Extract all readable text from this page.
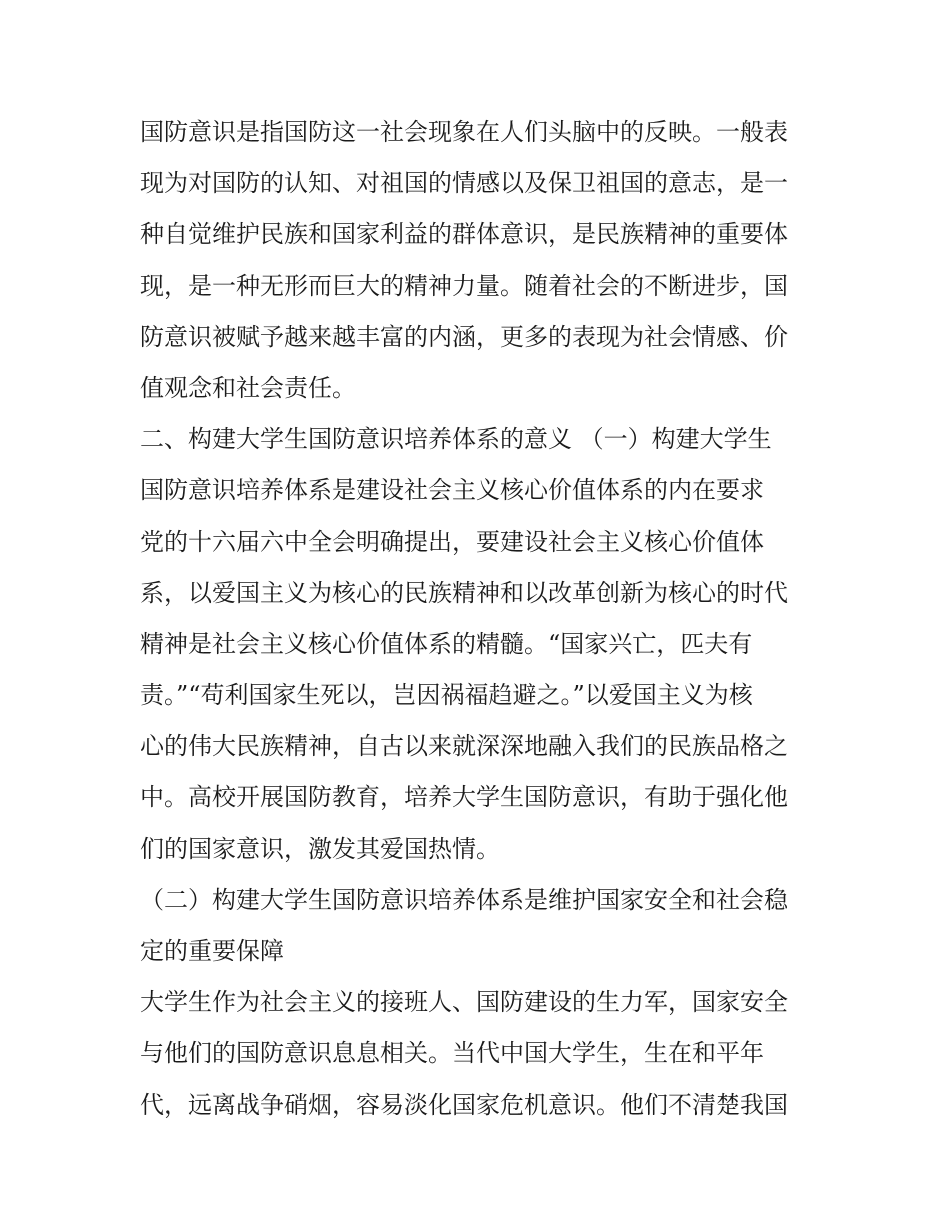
国防意识是指国防这一社会现象在人们头脑中的反映。一般表
现为对国防的认知、对祖国的情感以及保卫祖国的意志，是一
种自觉维护民族和国家利益的群体意识，是民族精神的重要体
现，是一种无形而巨大的精神力量。随着社会的不断进步，国
防意识被赋予越来越丰富的内涵，更多的表现为社会情感、价
值观念和社会责任。
二、构建大学生国防意识培养体系的意义 （一）构建大学生
国防意识培养体系是建设社会主义核心价值体系的内在要求
党的十六届六中全会明确提出，要建设社会主义核心价值体
系，以爱国主义为核心的民族精神和以改革创新为核心的时代
精神是社会主义核心价值体系的精髓。“国家兴亡，匹夫有
责。”“苟利国家生死以，岂因祸福趋避之。”以爱国主义为核
心的伟大民族精神，自古以来就深深地融入我们的民族品格之
中。高校开展国防教育，培养大学生国防意识，有助于强化他
们的国家意识，激发其爱国热情。
（二）构建大学生国防意识培养体系是维护国家安全和社会稳
定的重要保障
大学生作为社会主义的接班人、国防建设的生力军，国家安全
与他们的国防意识息息相关。当代中国大学生，生在和平年
代，远离战争硝烟，容易淡化国家危机意识。他们不清楚我国
